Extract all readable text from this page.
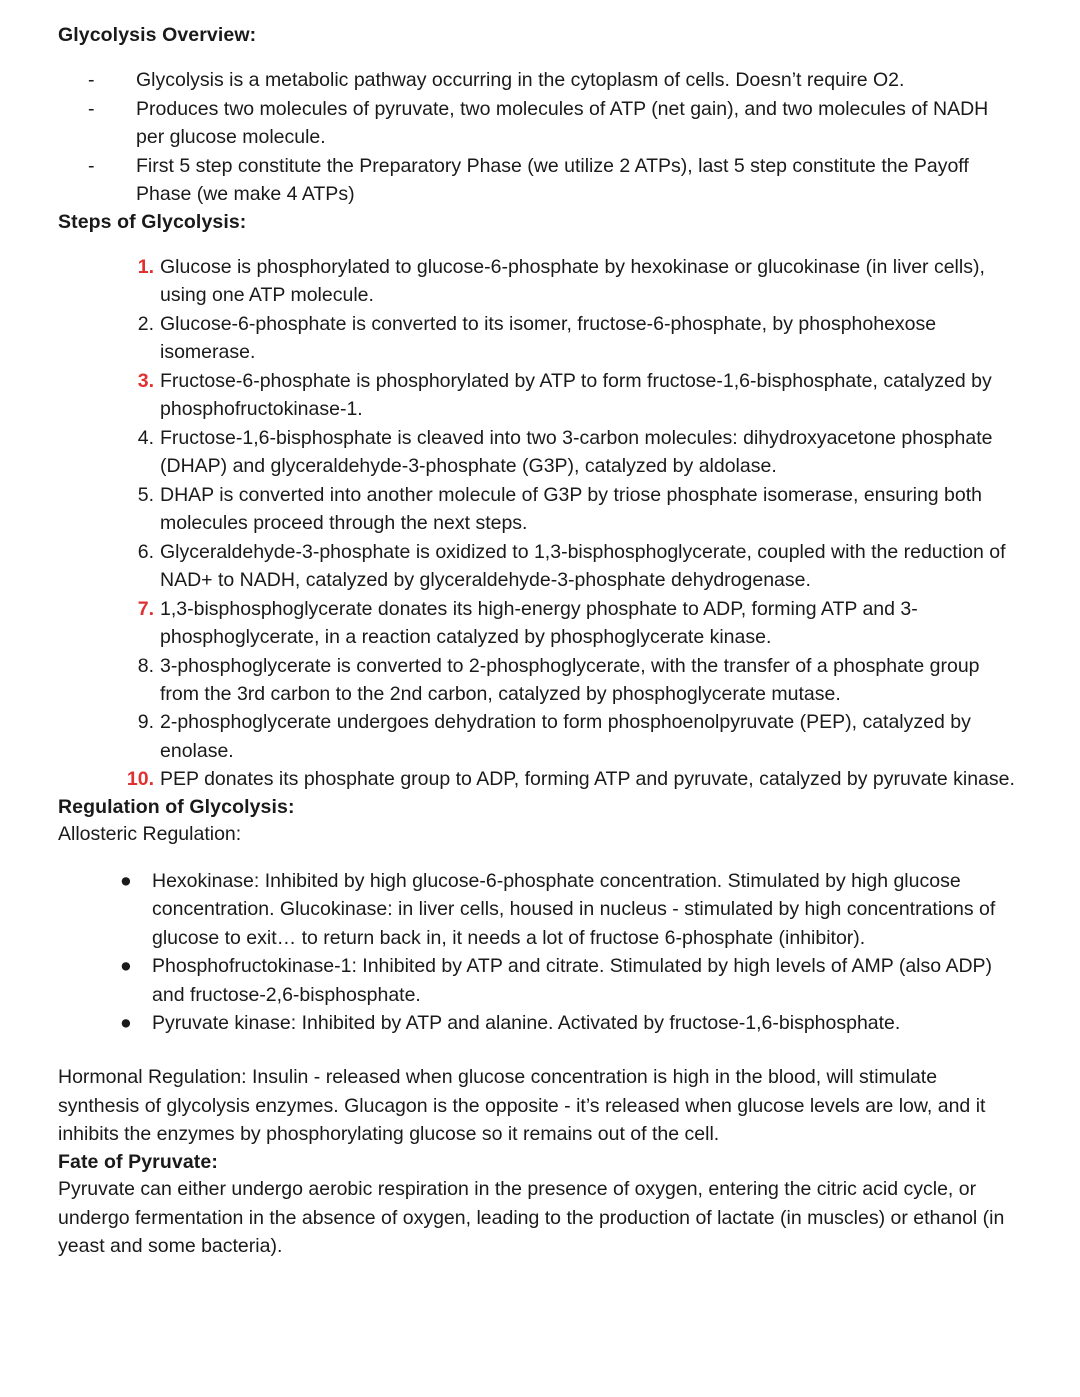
Glycolysis Overview:
-	Glycolysis is a metabolic pathway occurring in the cytoplasm of cells. Doesn’t require O2.
-	Produces two molecules of pyruvate, two molecules of ATP (net gain), and two molecules of NADH per glucose molecule.
-	First 5 step constitute the Preparatory Phase (we utilize 2 ATPs), last 5 step constitute the Payoff Phase (we make 4 ATPs)
Steps of Glycolysis:
1. Glucose is phosphorylated to glucose-6-phosphate by hexokinase or glucokinase (in liver cells), using one ATP molecule.
2. Glucose-6-phosphate is converted to its isomer, fructose-6-phosphate, by phosphohexose isomerase.
3. Fructose-6-phosphate is phosphorylated by ATP to form fructose-1,6-bisphosphate, catalyzed by phosphofructokinase-1.
4. Fructose-1,6-bisphosphate is cleaved into two 3-carbon molecules: dihydroxyacetone phosphate (DHAP) and glyceraldehyde-3-phosphate (G3P), catalyzed by aldolase.
5. DHAP is converted into another molecule of G3P by triose phosphate isomerase, ensuring both molecules proceed through the next steps.
6. Glyceraldehyde-3-phosphate is oxidized to 1,3-bisphosphoglycerate, coupled with the reduction of NAD+ to NADH, catalyzed by glyceraldehyde-3-phosphate dehydrogenase.
7. 1,3-bisphosphoglycerate donates its high-energy phosphate to ADP, forming ATP and 3-phosphoglycerate, in a reaction catalyzed by phosphoglycerate kinase.
8. 3-phosphoglycerate is converted to 2-phosphoglycerate, with the transfer of a phosphate group from the 3rd carbon to the 2nd carbon, catalyzed by phosphoglycerate mutase.
9. 2-phosphoglycerate undergoes dehydration to form phosphoenolpyruvate (PEP), catalyzed by enolase.
10. PEP donates its phosphate group to ADP, forming ATP and pyruvate, catalyzed by pyruvate kinase.
Regulation of Glycolysis:

Allosteric Regulation:

● Hexokinase: Inhibited by high glucose-6-phosphate concentration. Stimulated by high glucose concentration. Glucokinase: in liver cells, housed in nucleus - stimulated by high concentrations of glucose to exit… to return back in, it needs a lot of fructose 6-phosphate (inhibitor).
● Phosphofructokinase-1: Inhibited by ATP and citrate. Stimulated by high levels of AMP (also ADP) and fructose-2,6-bisphosphate.
● Pyruvate kinase: Inhibited by ATP and alanine. Activated by fructose-1,6-bisphosphate.

Hormonal Regulation: Insulin - released when glucose concentration is high in the blood, will stimulate synthesis of glycolysis enzymes. Glucagon is the opposite - it’s released when glucose levels are low, and it inhibits the enzymes by phosphorylating glucose so it remains out of the cell.

Fate of Pyruvate:

Pyruvate can either undergo aerobic respiration in the presence of oxygen, entering the citric acid cycle, or undergo fermentation in the absence of oxygen, leading to the production of lactate (in muscles) or ethanol (in yeast and some bacteria).
